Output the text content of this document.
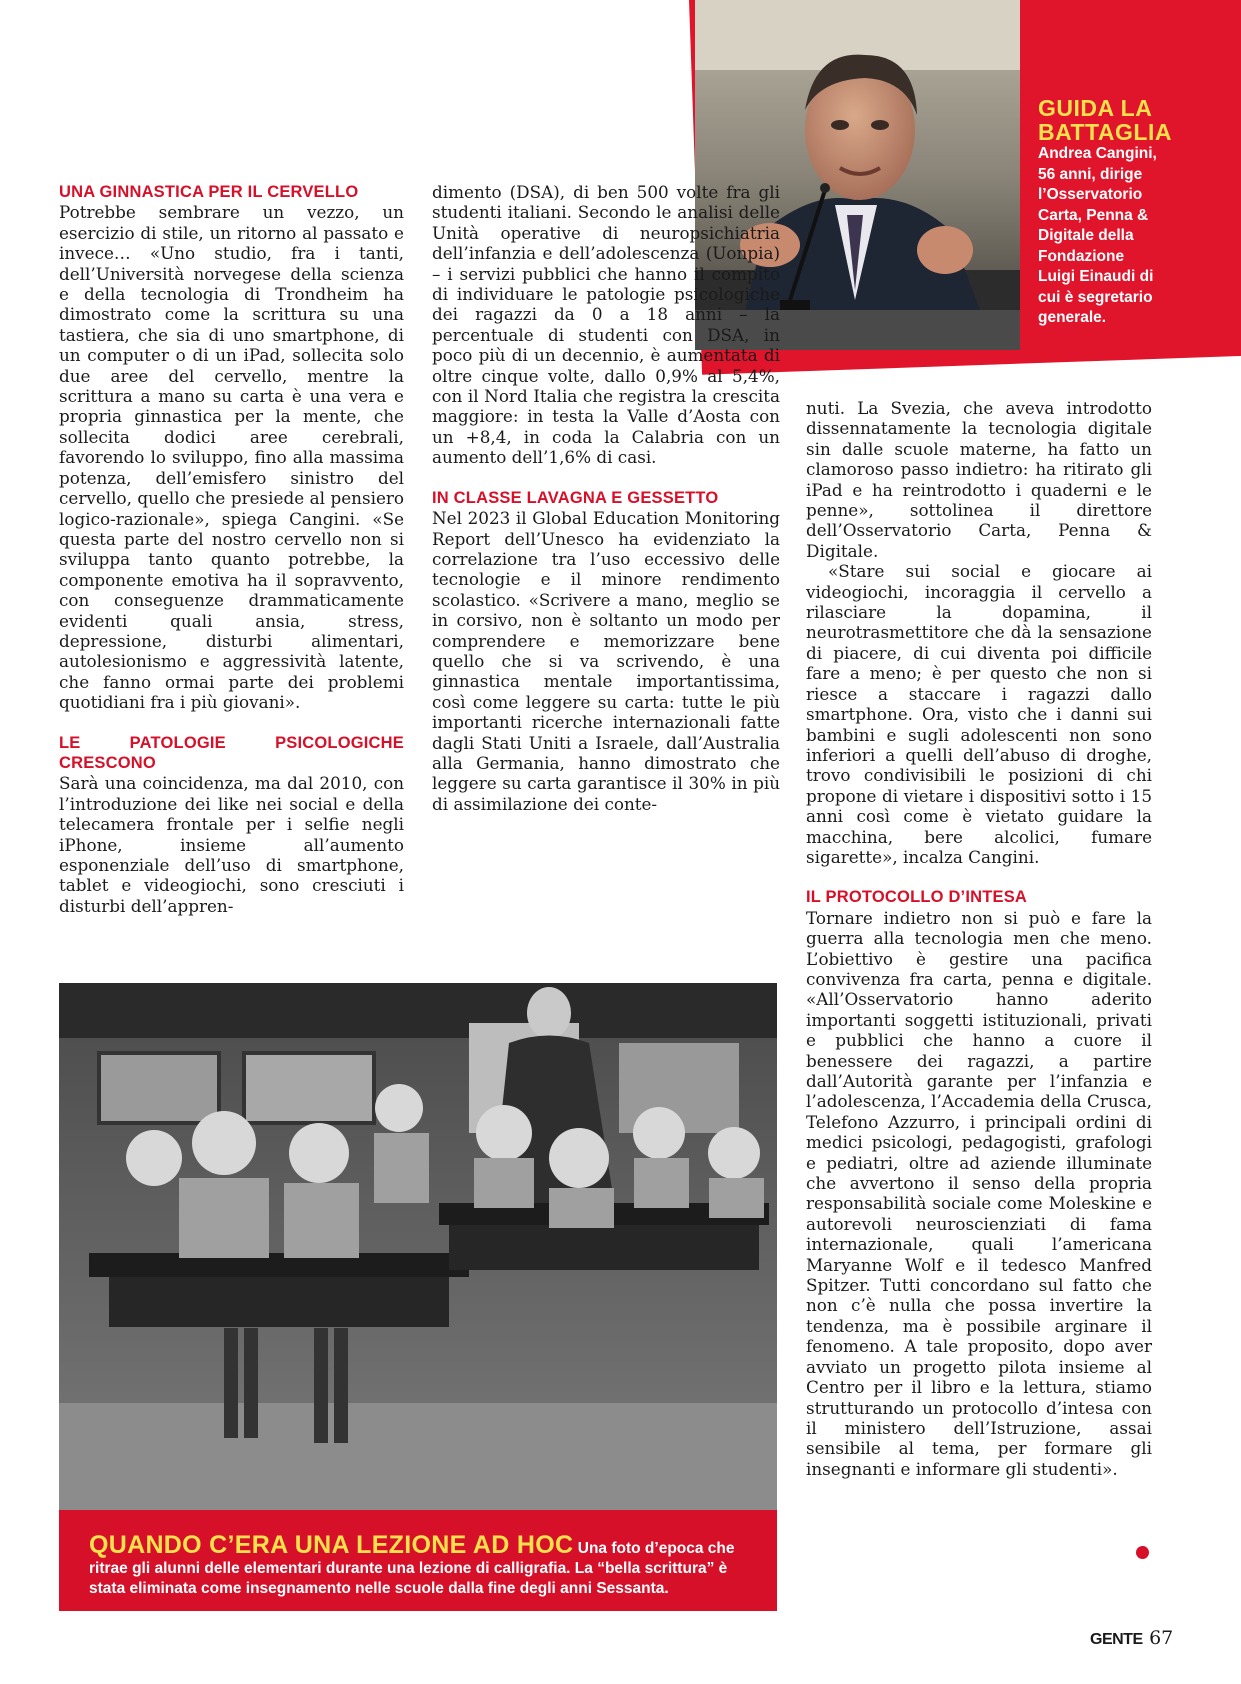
GUIDA LA
BATTAGLIA
Andrea Cangini, 56 anni, dirige l’Osservatorio Carta, Penna & Digitale della Fondazione Luigi Einaudi di cui è segretario generale.
UNA GINNASTICA PER IL CERVELLO

Potrebbe sembrare un vezzo, un esercizio di stile, un ritorno al passato e invece… «Uno studio, fra i tanti, dell’Università norvegese della scienza e della tecnologia di Trondheim ha dimostrato come la scrittura su una tastiera, che sia di uno smartphone, di un computer o di un iPad, sollecita solo due aree del cervello, mentre la scrittura a mano su carta è una vera e propria ginnastica per la mente, che sollecita dodici aree cerebrali, favorendo lo sviluppo, fino alla massima potenza, dell’emisfero sinistro del cervello, quello che presiede al pensiero logico-razionale», spiega Cangini. «Se questa parte del nostro cervello non si sviluppa tanto quanto potrebbe, la componente emotiva ha il sopravvento, con conseguenze drammaticamente evidenti quali ansia, stress, depressione, disturbi alimentari, autolesionismo e aggressività latente, che fanno ormai parte dei problemi quotidiani fra i più giovani».

LE PATOLOGIE PSICOLOGICHE CRESCONO

Sarà una coincidenza, ma dal 2010, con l’introduzione dei like nei social e della telecamera frontale per i selfie negli iPhone, insieme all’aumento esponenziale dell’uso di smartphone, tablet e videogiochi, sono cresciuti i disturbi dell’appren-

dimento (DSA), di ben 500 volte fra gli studenti italiani. Secondo le analisi delle Unità operative di neuropsichiatria dell’infanzia e dell’adolescenza (Uonpia) – i servizi pubblici che hanno il compito di individuare le patologie psicologiche dei ragazzi da 0 a 18 anni – la percentuale di studenti con DSA, in poco più di un decennio, è aumentata di oltre cinque volte, dallo 0,9% al 5,4%, con il Nord Italia che registra la crescita maggiore: in testa la Valle d’Aosta con un +8,4, in coda la Calabria con un aumento dell’1,6% di casi.

IN CLASSE LAVAGNA E GESSETTO

Nel 2023 il Global Education Monitoring Report dell’Unesco ha evidenziato la correlazione tra l’uso eccessivo delle tecnologie e il minore rendimento scolastico. «Scrivere a mano, meglio se in corsivo, non è soltanto un modo per comprendere e memorizzare bene quello che si va scrivendo, è una ginnastica mentale importantissima, così come leggere su carta: tutte le più importanti ricerche internazionali fatte dagli Stati Uniti a Israele, dall’Australia alla Germania, hanno dimostrato che leggere su carta garantisce il 30% in più di assimilazione dei conte-

nuti. La Svezia, che aveva introdotto dissennatamente la tecnologia digitale sin dalle scuole materne, ha fatto un clamoroso passo indietro: ha ritirato gli iPad e ha reintrodotto i quaderni e le penne», sottolinea il direttore dell’Osservatorio Carta, Penna & Digitale.

«Stare sui social e giocare ai videogiochi, incoraggia il cervello a rilasciare la dopamina, il neurotrasmettitore che dà la sensazione di piacere, di cui diventa poi difficile fare a meno; è per questo che non si riesce a staccare i ragazzi dallo smartphone. Ora, visto che i danni sui bambini e sugli adolescenti non sono inferiori a quelli dell’abuso di droghe, trovo condivisibili le posizioni di chi propone di vietare i dispositivi sotto i 15 anni così come è vietato guidare la macchina, bere alcolici, fumare sigarette», incalza Cangini.

IL PROTOCOLLO D’INTESA

Tornare indietro non si può e fare la guerra alla tecnologia men che meno. L’obiettivo è gestire una pacifica convivenza fra carta, penna e digitale. «All’Osservatorio hanno aderito importanti soggetti istituzionali, privati e pubblici che hanno a cuore il benessere dei ragazzi, a partire dall’Autorità garante per l’infanzia e l’adolescenza, l’Accademia della Crusca, Telefono Azzurro, i principali ordini di medici psicologi, pedagogisti, grafologi e pediatri, oltre ad aziende illuminate che avvertono il senso della propria responsabilità sociale come Moleskine e autorevoli neuroscienziati di fama internazionale, quali l’americana Maryanne Wolf e il tedesco Manfred Spitzer. Tutti concordano sul fatto che non c’è nulla che possa invertire la tendenza, ma è possibile arginare il fenomeno. A tale proposito, dopo aver avviato un progetto pilota insieme al Centro per il libro e la lettura, stiamo strutturando un protocollo d’intesa con il ministero dell’Istruzione, assai sensibile al tema, per formare gli insegnanti e informare gli studenti».

QUANDO C’ERA UNA LEZIONE AD HOC Una foto d’epoca che ritrae gli alunni delle elementari durante una lezione di calligrafia. La “bella scrittura” è stata eliminata come insegnamento nelle scuole dalla fine degli anni Sessanta.
GENTE 67
